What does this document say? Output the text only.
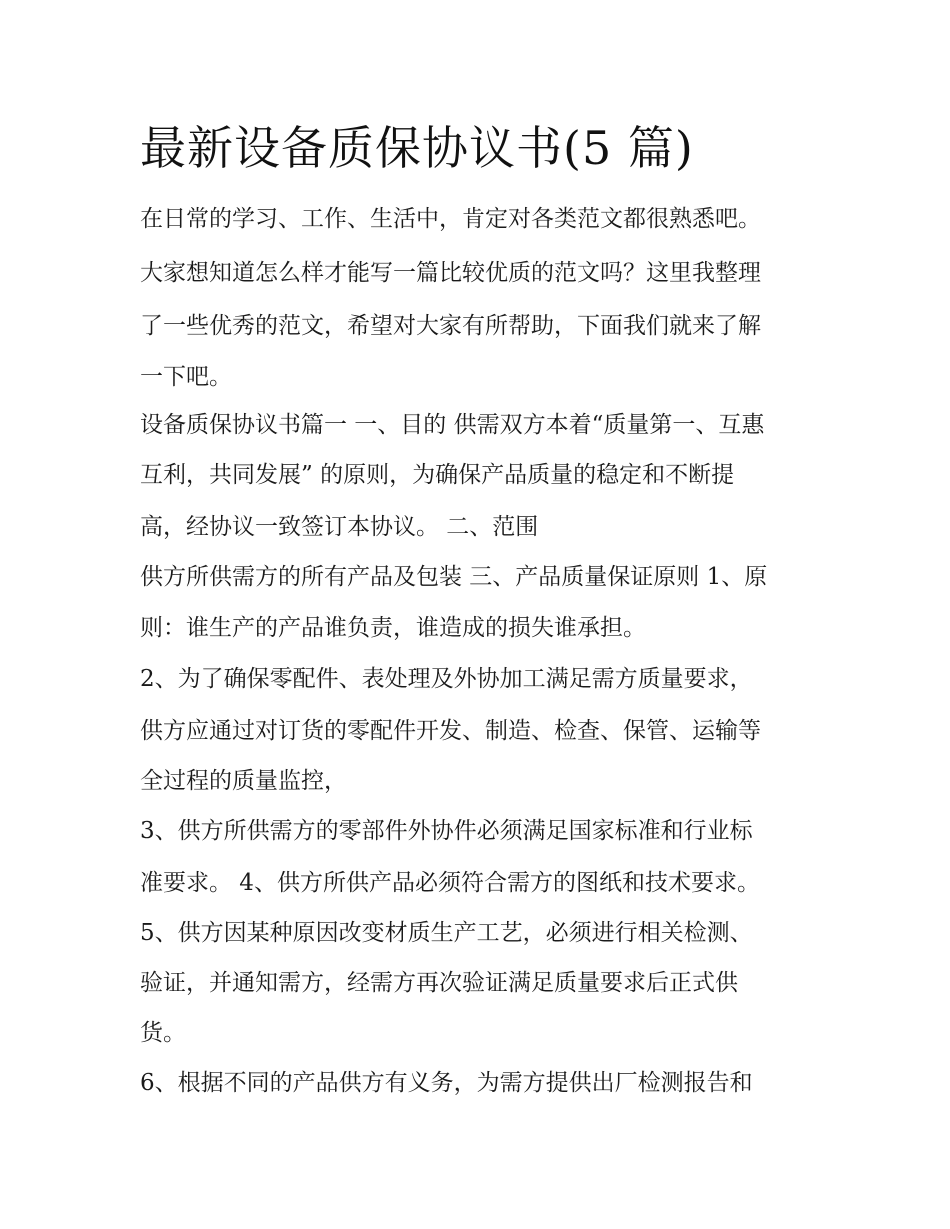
最新设备质保协议书(5 篇)

在日常的学习、工作、生活中，肯定对各类范文都很熟悉吧。

大家想知道怎么样才能写一篇比较优质的范文吗？这里我整理

了一些优秀的范文，希望对大家有所帮助，下面我们就来了解

一下吧。

设备质保协议书篇一 一、目的 供需双方本着“质量第一、互惠

互利，共同发展” 的原则，为确保产品质量的稳定和不断提

高，经协议一致签订本协议。 二、范围

供方所供需方的所有产品及包装 三、产品质量保证原则 1、原

则：谁生产的产品谁负责，谁造成的损失谁承担。

2、为了确保零配件、表处理及外协加工满足需方质量要求，

供方应通过对订货的零配件开发、制造、检查、保管、运输等

全过程的质量监控，

3、供方所供需方的零部件外协件必须满足国家标准和行业标

准要求。 4、供方所供产品必须符合需方的图纸和技术要求。

5、供方因某种原因改变材质生产工艺，必须进行相关检测、

验证，并通知需方，经需方再次验证满足质量要求后正式供

货。

6、根据不同的产品供方有义务，为需方提供出厂检测报告和
